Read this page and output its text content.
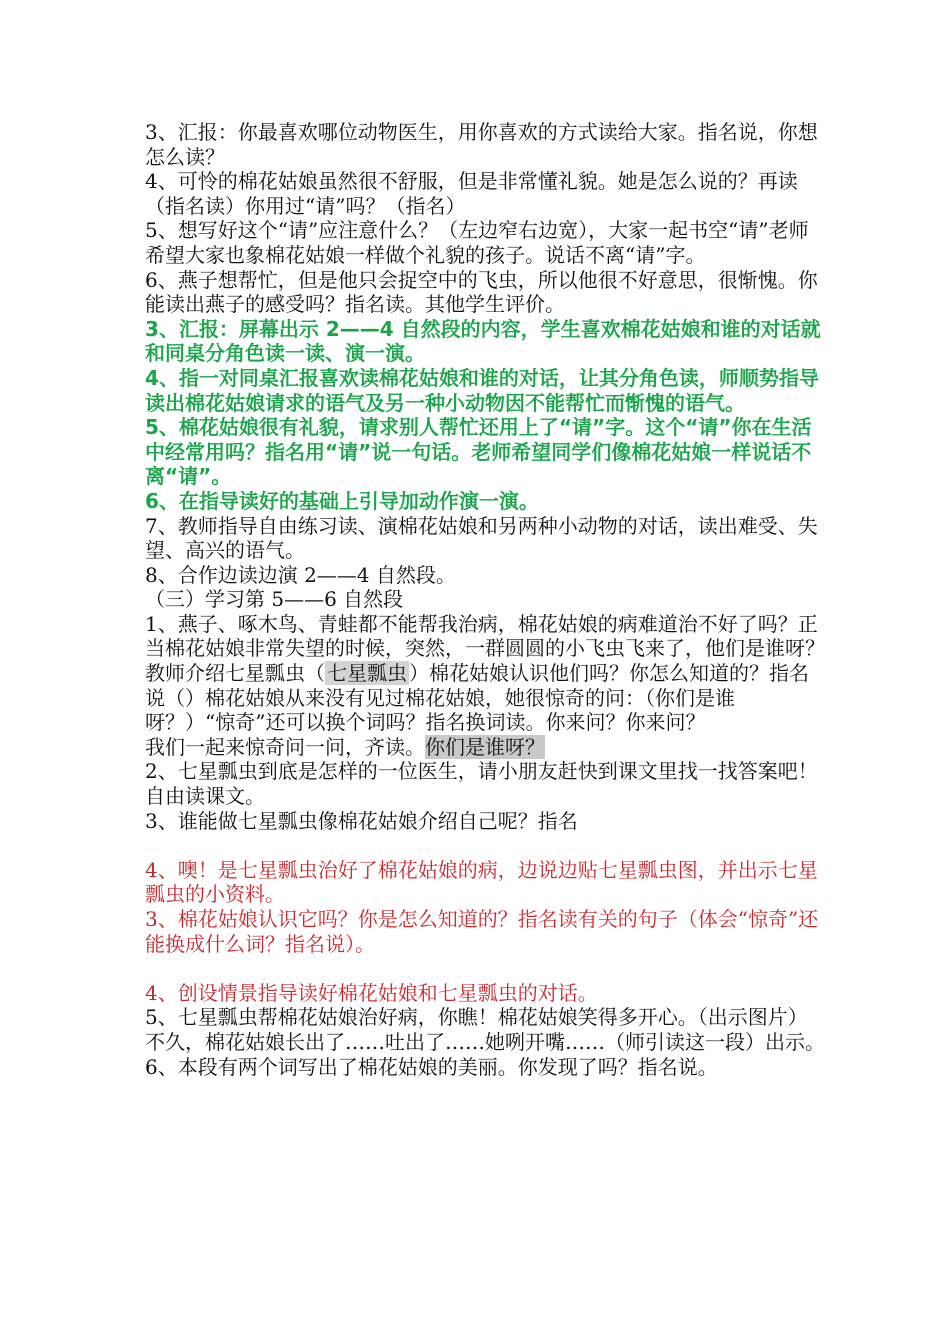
3、汇报：你最喜欢哪位动物医生，用你喜欢的方式读给大家。指名说，你想怎么读？

4、可怜的棉花姑娘虽然很不舒服，但是非常懂礼貌。她是怎么说的？再读（指名读）你用过“请”吗？（指名）

5、想写好这个“请”应注意什么？（左边窄右边宽），大家一起书空“请”老师希望大家也象棉花姑娘一样做个礼貌的孩子。说话不离“请”字。

6、燕子想帮忙，但是他只会捉空中的飞虫，所以他很不好意思，很惭愧。你能读出燕子的感受吗？指名读。其他学生评价。

3、汇报：屏幕出示 2——4 自然段的内容，学生喜欢棉花姑娘和谁的对话就和同桌分角色读一读、演一演。

4、指一对同桌汇报喜欢读棉花姑娘和谁的对话，让其分角色读，师顺势指导读出棉花姑娘请求的语气及另一种小动物因不能帮忙而惭愧的语气。

5、棉花姑娘很有礼貌，请求别人帮忙还用上了“请”字。这个“请”你在生活中经常用吗？指名用“请”说一句话。老师希望同学们像棉花姑娘一样说话不离“请”。

6、在指导读好的基础上引导加动作演一演。

7、教师指导自由练习读、演棉花姑娘和另两种小动物的对话，读出难受、失望、高兴的语气。

8、合作边读边演 2——4 自然段。

（三）学习第 5——6 自然段

1、燕子、啄木鸟、青蛙都不能帮我治病，棉花姑娘的病难道治不好了吗？正当棉花姑娘非常失望的时候，突然，一群圆圆的小飞虫飞来了，他们是谁呀？教师介绍七星瓢虫（ 七星瓢虫 ）棉花姑娘认识他们吗？你怎么知道的？指名说（）棉花姑娘从来没有见过棉花姑娘，她很惊奇的问：（你们是谁呀？）“惊奇”还可以换个词吗？指名换词读。你来问？你来问？

我们一起来惊奇问一问，齐读。你们是谁呀？

2、七星瓢虫到底是怎样的一位医生，请小朋友赶快到课文里找一找答案吧！自由读课文。

3、谁能做七星瓢虫像棉花姑娘介绍自己呢？指名

4、噢！是七星瓢虫治好了棉花姑娘的病，边说边贴七星瓢虫图，并出示七星瓢虫的小资料。

3、棉花姑娘认识它吗？你是怎么知道的？指名读有关的句子（体会“惊奇”还能换成什么词？指名说）。

4、创设情景指导读好棉花姑娘和七星瓢虫的对话。

5、七星瓢虫帮棉花姑娘治好病，你瞧！棉花姑娘笑得多开心。（出示图片）

不久，棉花姑娘长出了……吐出了……她咧开嘴……（师引读这一段）出示。

6、本段有两个词写出了棉花姑娘的美丽。你发现了吗？指名说。
